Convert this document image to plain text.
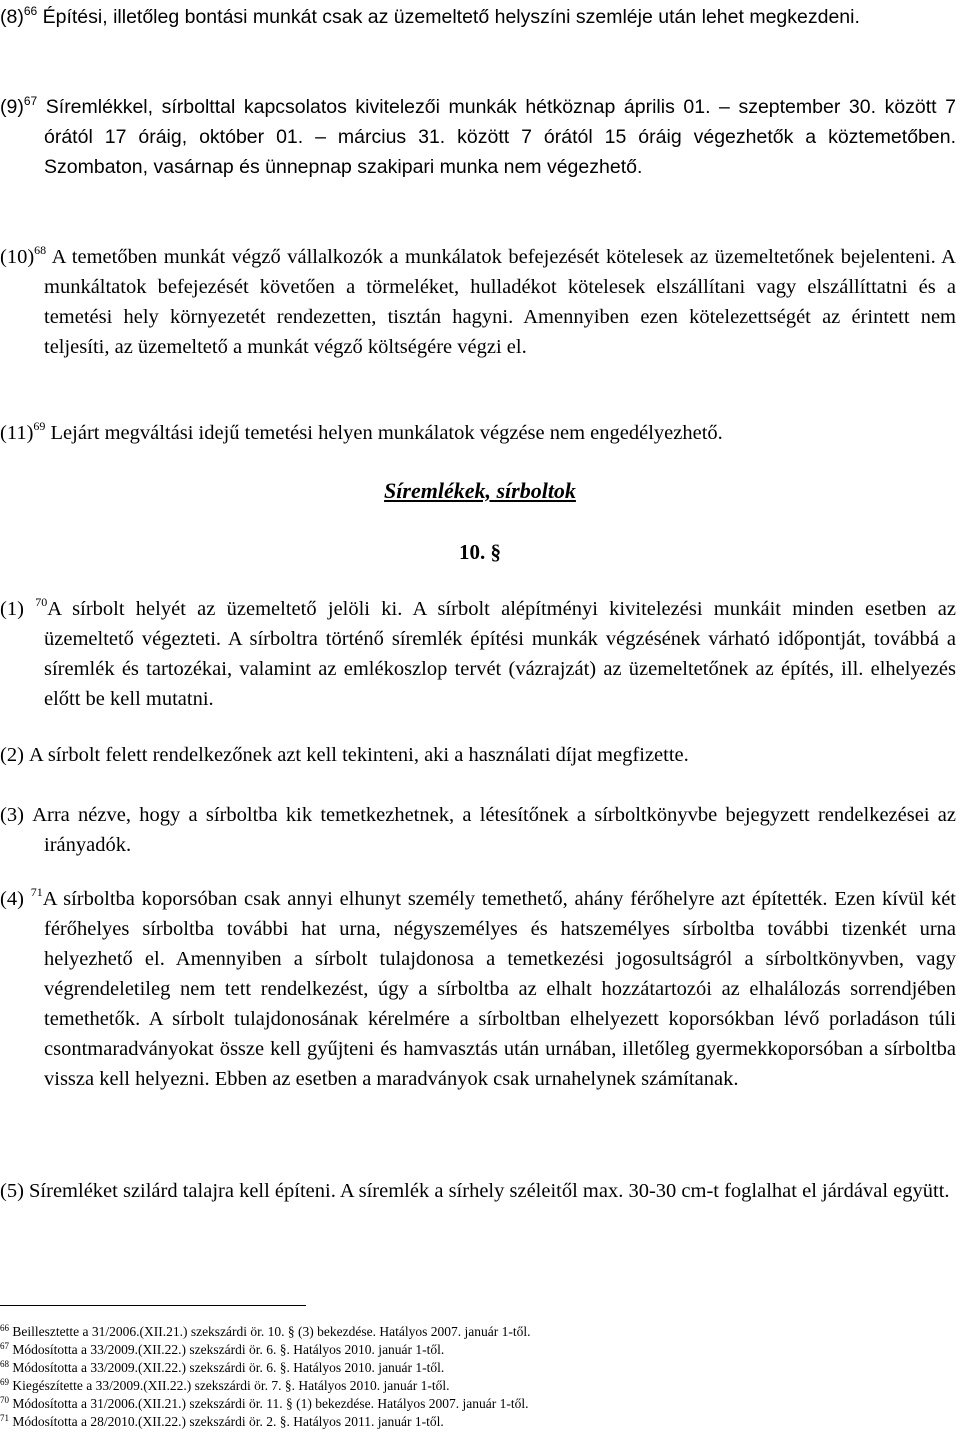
$(8)^{66}$ Építési, illetőleg bontási munkát csak az üzemeltető helyszíni szemléje után lehet megkezdeni.

$(9)^{67}$ Síremlékkel, sírbolttal kapcsolatos kivitelezői munkák hétköznap április 01. – szeptember 30. között 7 órától 17 óráig, október 01. – március 31. között 7 órától 15 óráig végezhetők a köztemetőben. Szombaton, vasárnap és ünnepnap szakipari munka nem végezhető.

$(10)^{68}$ A temetőben munkát végző vállalkozók a munkálatok befejezését kötelesek az üzemeltetőnek bejelenteni. A munkáltatok befejezését követően a törmeléket, hulladékot kötelesek elszállítani vagy elszállíttatni és a temetési hely környezetét rendezetten, tisztán hagyni. Amennyiben ezen kötelezettségét az érintett nem teljesíti, az üzemeltető a munkát végző költségére végzi el.

$(11)^{69}$ Lejárt megváltási idejű temetési helyen munkálatok végzése nem engedélyezhető.

Síremlékek, sírboltok
10. §

(1) $^{70}$A sírbolt helyét az üzemeltető jelöli ki. A sírbolt alépítményi kivitelezési munkáit minden esetben az üzemeltető végezteti. A sírboltra történő síremlék építési munkák végzésének várható időpontját, továbbá a síremlék és tartozékai, valamint az emlékoszlop tervét (vázrajzát) az üzemeltetőnek az építés, ill. elhelyezés előtt be kell mutatni.

(2) A sírbolt felett rendelkezőnek azt kell tekinteni, aki a használati díjat megfizette.

(3) Arra nézve, hogy a sírboltba kik temetkezhetnek, a létesítőnek a sírboltkönyvbe bejegyzett rendelkezései az irányadók.

(4) $^{71}$A sírboltba koporsóban csak annyi elhunyt személy temethető, ahány férőhelyre azt építették. Ezen kívül két férőhelyes sírboltba további hat urna, négyszemélyes és hatszemélyes sírboltba további tizenkét urna helyezhető el. Amennyiben a sírbolt tulajdonosa a temetkezési jogosultságról a sírboltkönyvben, vagy végrendeletileg nem tett rendelkezést, úgy a sírboltba az elhalt hozzátartozói az elhalálozás sorrendjében temethetők. A sírbolt tulajdonosának kérelmére a sírboltban elhelyezett koporsókban lévő porladáson túli csontmaradványokat össze kell gyűjteni és hamvasztás után urnában, illetőleg gyermekkoporsóban a sírboltba vissza kell helyezni. Ebben az esetben a maradványok csak urnahelynek számítanak.

(5) Síremléket szilárd talajra kell építeni. A síremlék a sírhely széleitől max. 30-30 cm-t foglalhat el járdával együtt.

$^{66}$ Beillesztette a 31/2006.(XII.21.) szekszárdi ör. 10. § (3) bekezdése. Hatályos 2007. január 1-től.
$^{67}$ Módosította a 33/2009.(XII.22.) szekszárdi ör. 6. §. Hatályos 2010. január 1-től.
$^{68}$ Módosította a 33/2009.(XII.22.) szekszárdi ör. 6. §. Hatályos 2010. január 1-től.
$^{69}$ Kiegészítette a 33/2009.(XII.22.) szekszárdi ör. 7. §. Hatályos 2010. január 1-től.
$^{70}$ Módosította a 31/2006.(XII.21.) szekszárdi ör. 11. § (1) bekezdése. Hatályos 2007. január 1-től.
$^{71}$ Módosította a 28/2010.(XII.22.) szekszárdi ör. 2. §. Hatályos 2011. január 1-től.
